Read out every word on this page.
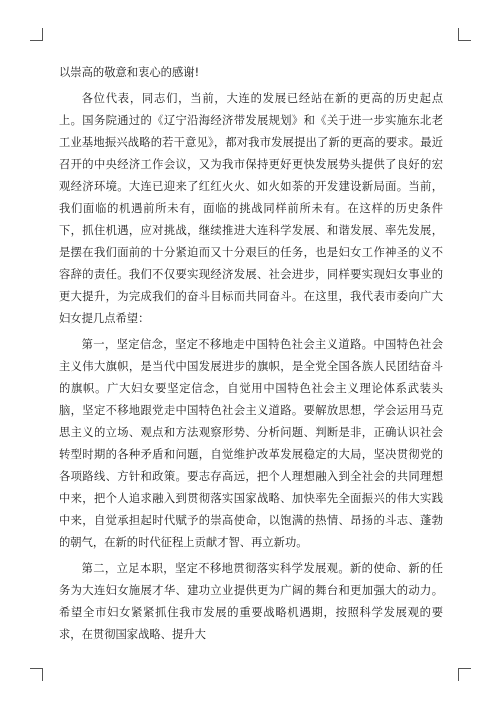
以崇高的敬意和衷心的感谢!

各位代表，同志们，当前，大连的发展已经站在新的更高的历史起点上。国务院通过的《辽宁沿海经济带发展规划》和《关于进一步实施东北老工业基地振兴战略的若干意见》，都对我市发展提出了新的更高的要求。最近召开的中央经济工作会议，又为我市保持更好更快发展势头提供了良好的宏观经济环境。大连已迎来了红红火火、如火如荼的开发建设新局面。当前，我们面临的机遇前所未有，面临的挑战同样前所未有。在这样的历史条件下，抓住机遇，应对挑战，继续推进大连科学发展、和谐发展、率先发展，是摆在我们面前的十分紧迫而又十分艰巨的任务，也是妇女工作神圣的义不容辞的责任。我们不仅要实现经济发展、社会进步，同样要实现妇女事业的更大提升，为完成我们的奋斗目标而共同奋斗。在这里，我代表市委向广大妇女提几点希望：

第一，坚定信念，坚定不移地走中国特色社会主义道路。中国特色社会主义伟大旗帜，是当代中国发展进步的旗帜，是全党全国各族人民团结奋斗的旗帜。广大妇女要坚定信念，自觉用中国特色社会主义理论体系武装头脑，坚定不移地跟党走中国特色社会主义道路。要解放思想，学会运用马克思主义的立场、观点和方法观察形势、分析问题、判断是非，正确认识社会转型时期的各种矛盾和问题，自觉维护改革发展稳定的大局，坚决贯彻党的各项路线、方针和政策。要志存高远，把个人理想融入到全社会的共同理想中来，把个人追求融入到贯彻落实国家战略、加快率先全面振兴的伟大实践中来，自觉承担起时代赋予的崇高使命，以饱满的热情、昂扬的斗志、蓬勃的朝气，在新的时代征程上贡献才智、再立新功。

第二，立足本职，坚定不移地贯彻落实科学发展观。新的使命、新的任务为大连妇女施展才华、建功立业提供更为广阔的舞台和更加强大的动力。希望全市妇女紧紧抓住我市发展的重要战略机遇期，按照科学发展观的要求，在贯彻国家战略、提升大
